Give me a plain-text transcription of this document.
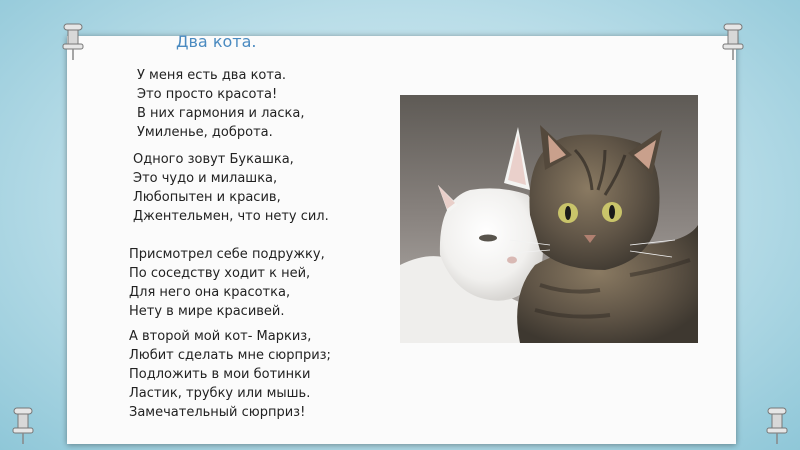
Два кота.
У меня есть два кота.
Это просто красота!
В них гармония и ласка,
Умиленье, доброта.
Одного зовут Букашка,
Это чудо и милашка,
Любопытен и красив,
Джентельмен, что нету сил.
Присмотрел себе подружку,
По соседству ходит к ней,
Для него она красотка,
Нету в мире красивей.
А второй мой кот- Маркиз,
Любит сделать мне сюрприз;
Подложить в мои ботинки
Ластик, трубку или мышь.
Замечательный сюрприз!
